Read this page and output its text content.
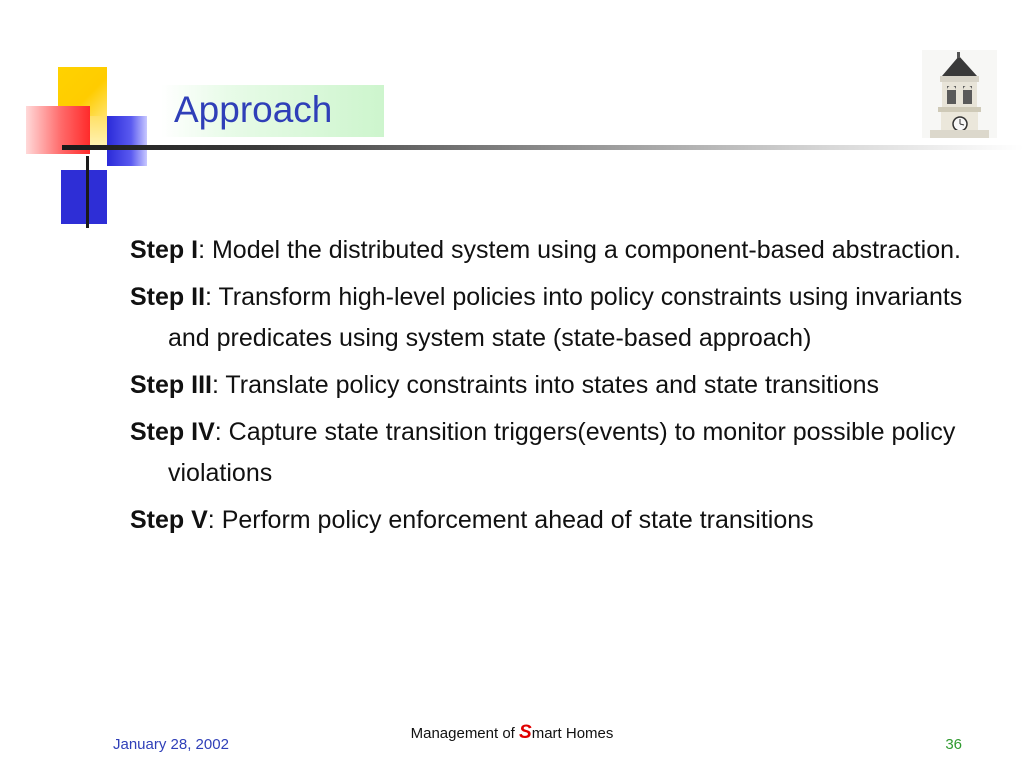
Approach
Step I: Model the distributed system using a component-based abstraction.
Step II: Transform high-level policies into policy constraints using invariants and predicates using system state (state-based approach)
Step III: Translate policy constraints into states and state transitions
Step IV: Capture state transition triggers(events) to monitor possible policy violations
Step V: Perform policy enforcement ahead of state transitions
Management of Smart Homes
January 28, 2002	36
